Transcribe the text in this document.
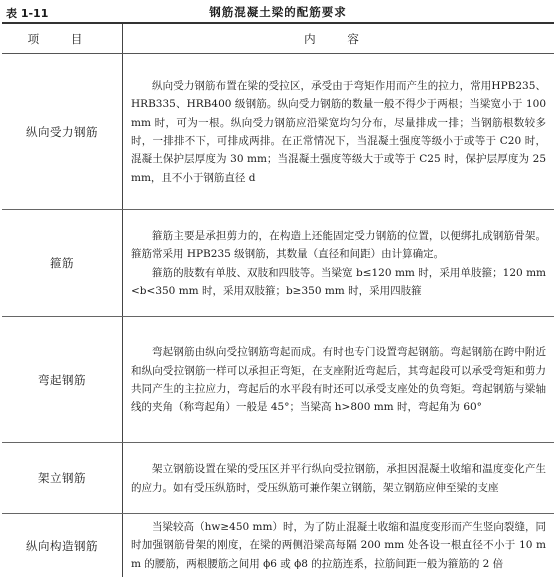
表 1-11	钢筋混凝土梁的配筋要求
项 目	内 容
纵向受力钢筋	纵向受力钢筋布置在梁的受拉区，承受由于弯矩作用而产生的拉力，常用HPB235、HRB335、HRB400 级钢筋。纵向受力钢筋的数量一般不得少于两根；当梁宽小于 100 mm 时，可为一根。纵向受力钢筋应沿梁宽均匀分布，尽量排成一排；当钢筋根数较多时，一排排不下，可排成两排。在正常情况下，当混凝土强度等级小于或等于 C20 时，混凝土保护层厚度为 30 mm；当混凝土强度等级大于或等于 C25 时，保护层厚度为 25 mm，且不小于钢筋直径 d

箍筋	箍筋主要是承担剪力的，在构造上还能固定受力钢筋的位置，以便绑扎成钢筋骨架。箍筋常采用 HPB235 级钢筋，其数量（直径和间距）由计算确定。

箍筋的肢数有单肢、双肢和四肢等。当梁宽 b≤120 mm 时，采用单肢箍；120 mm<b<350 mm 时，采用双肢箍；b≥350 mm 时，采用四肢箍

弯起钢筋	弯起钢筋由纵向受拉钢筋弯起而成。有时也专门设置弯起钢筋。弯起钢筋在跨中附近和纵向受拉钢筋一样可以承担正弯矩，在支座附近弯起后，其弯起段可以承受弯矩和剪力共同产生的主拉应力，弯起后的水平段有时还可以承受支座处的负弯矩。弯起钢筋与梁轴线的夹角（称弯起角）一般是 45°；当梁高 h>800 mm 时，弯起角为 60°

架立钢筋	架立钢筋设置在梁的受压区并平行纵向受拉钢筋，承担因混凝土收缩和温度变化产生的应力。如有受压纵筋时，受压纵筋可兼作架立钢筋，架立钢筋应伸至梁的支座

纵向构造钢筋	当梁较高（hw≥450 mm）时，为了防止混凝土收缩和温度变形而产生竖向裂缝，同时加强钢筋骨架的刚度，在梁的两侧沿梁高每隔 200 mm 处各设一根直径不小于 10 mm 的腰筋，两根腰筋之间用 ϕ6 或 ϕ8 的拉筋连系，拉筋间距一般为箍筋的 2 倍
